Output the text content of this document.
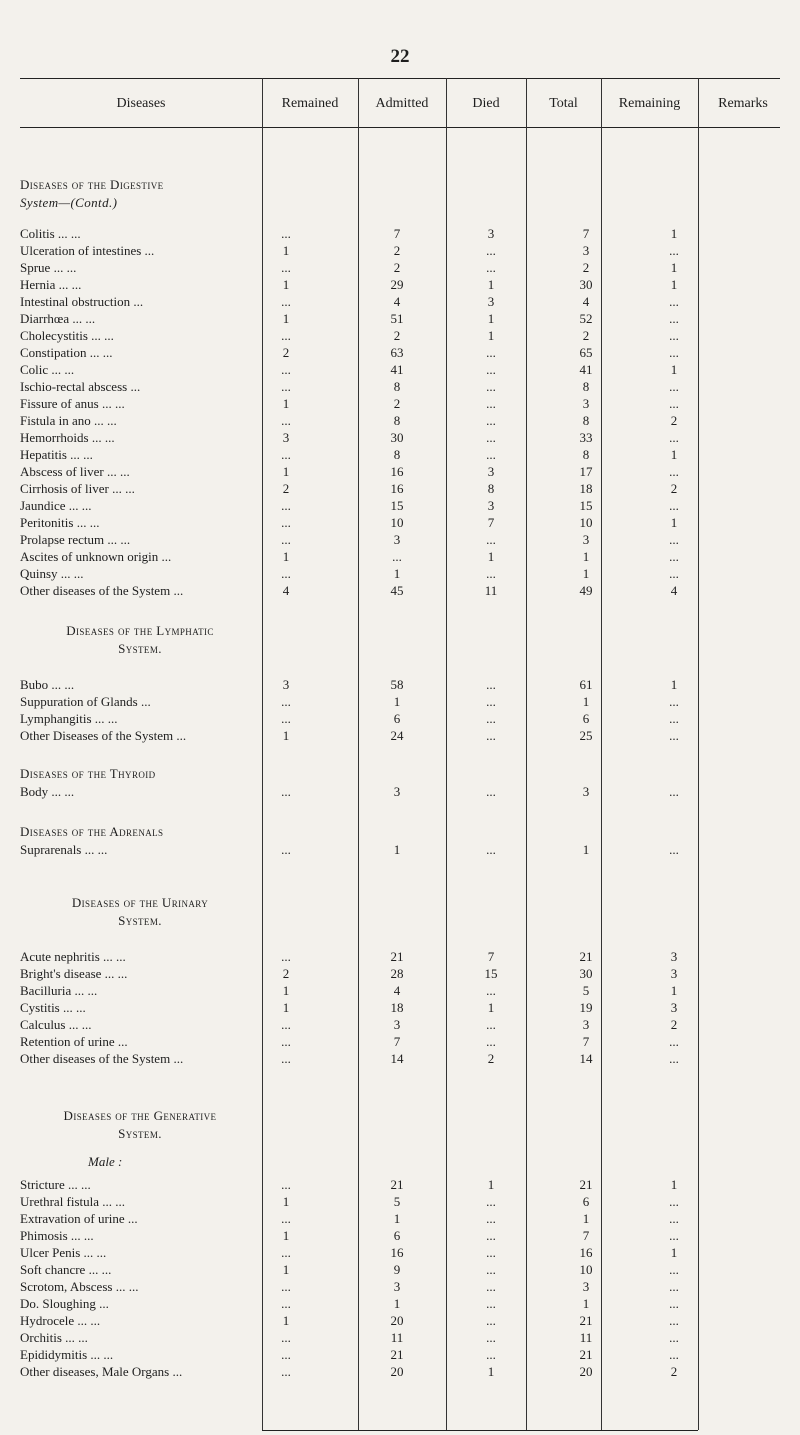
22
Diseases	Remained	Admitted	Died	Total	Remaining	Remarks
Diseases of the Digestive
System—(Contd.)
Colitis ... ...	...	7	3	7	1
Ulceration of intestines ...	1	2	...	3	...
Sprue ... ...	...	2	...	2	1
Hernia ... ...	1	29	1	30	1
Intestinal obstruction ...	...	4	3	4	...
Diarrhœa ... ...	1	51	1	52	...
Cholecystitis ... ...	...	2	1	2	...
Constipation ... ...	2	63	...	65	...
Colic ... ...	...	41	...	41	1
Ischio-rectal abscess ...	...	8	...	8	...
Fissure of anus ... ...	1	2	...	3	...
Fistula in ano ... ...	...	8	...	8	2
Hemorrhoids ... ...	3	30	...	33	...
Hepatitis ... ...	...	8	...	8	1
Abscess of liver ... ...	1	16	3	17	...
Cirrhosis of liver ... ...	2	16	8	18	2
Jaundice ... ...	...	15	3	15	...
Peritonitis ... ...	...	10	7	10	1
Prolapse rectum ... ...	...	3	...	3	...
Ascites of unknown origin ...	1	...	1	1	...
Quinsy ... ...	...	1	...	1	...
Other diseases of the System ...	4	45	11	49	4
Diseases of the Lymphatic
System.
Bubo ... ...	3	58	...	61	1
Suppuration of Glands ...	...	1	...	1	...
Lymphangitis ... ...	...	6	...	6	...
Other Diseases of the System ...	1	24	...	25	...
Diseases of the Thyroid
Body ... ...	...	3	...	3	...
Diseases of the Adrenals
Suprarenals ... ...	...	1	...	1	...
Diseases of the Urinary
System.
Acute nephritis ... ...	...	21	7	21	3
Bright's disease ... ...	2	28	15	30	3
Bacilluria ... ...	1	4	...	5	1
Cystitis ... ...	1	18	1	19	3
Calculus ... ...	...	3	...	3	2
Retention of urine ...	...	7	...	7	...
Other diseases of the System ...	...	14	2	14	...
Diseases of the Generative
System.
Male :
Stricture ... ...	...	21	1	21	1
Urethral fistula ... ...	1	5	...	6	...
Extravation of urine ...	...	1	...	1	...
Phimosis ... ...	1	6	...	7	...
Ulcer Penis ... ...	...	16	...	16	1
Soft chancre ... ...	1	9	...	10	...
Scrotom, Abscess ... ...	...	3	...	3	...
Do. Sloughing ...	...	1	...	1	...
Hydrocele ... ...	1	20	...	21	...
Orchitis ... ...	...	11	...	11	...
Epididymitis ... ...	...	21	...	21	...
Other diseases, Male Organs ...	...	20	1	20	2
